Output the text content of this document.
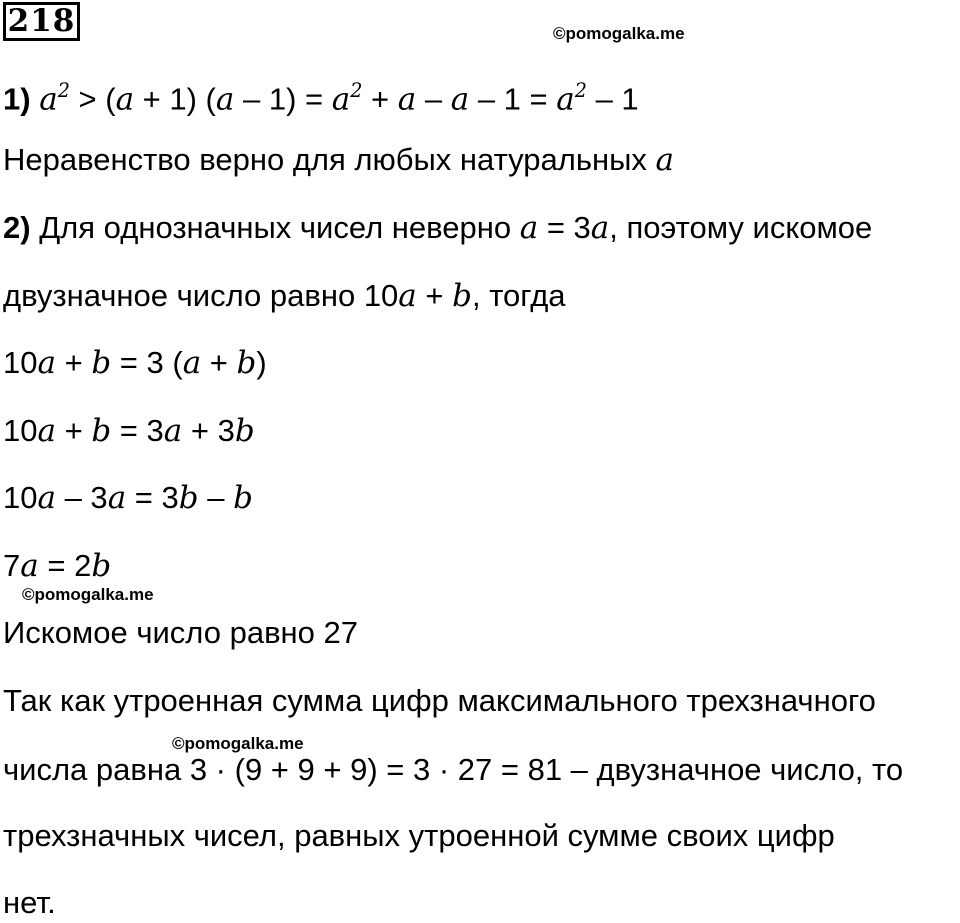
218	©pomogalka.me
©pomogalka.me
©pomogalka.me
1) $a^2 > (a + 1)$ $(a - 1) = a^2 + a - a - 1 = a^2 - 1$
Неравенство верно для любых натуральных a
2) Для однозначных чисел неверно a = 3a, поэтому искомое
двузначное число равно 10a + b, тогда
10a + b = 3 (a + b)
10a + b = 3a + 3b
10a – 3a = 3b – b
7a = 2b
Искомое число равно 27
Так как утроенная сумма цифр максимального трехзначного
числа равна 3 · (9 + 9 + 9) = 3 · 27 = 81 – двузначное число, то
трехзначных чисел, равных утроенной сумме своих цифр
нет.
